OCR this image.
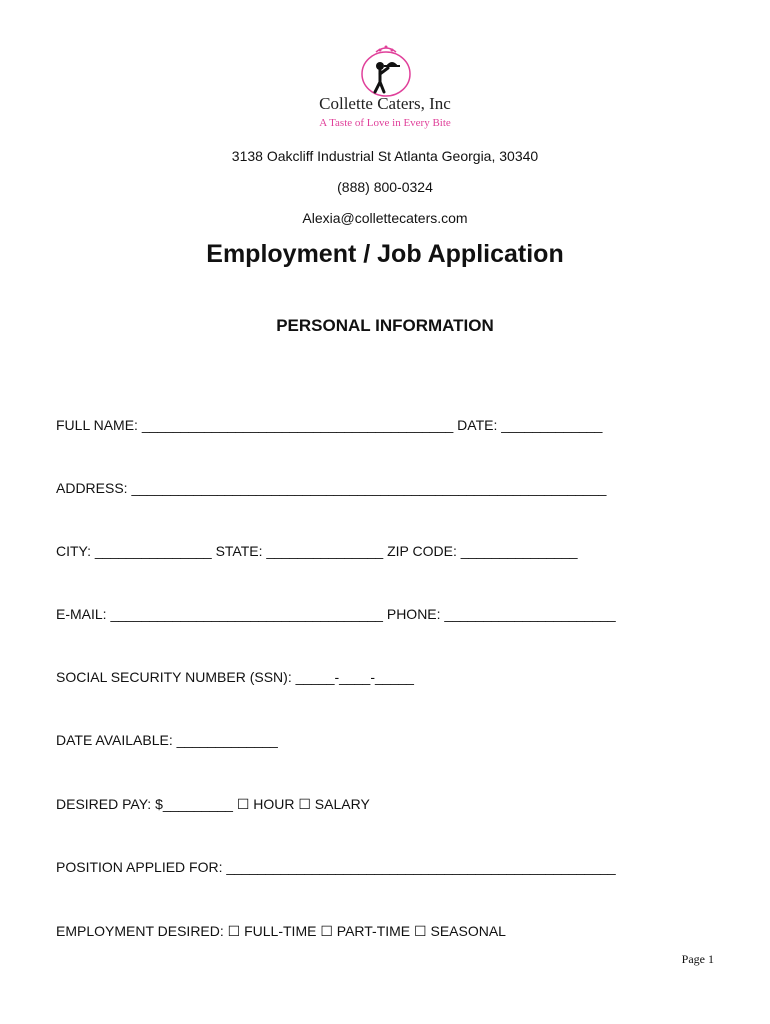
Collette Caters, Inc
A Taste of Love in Every Bite
3138 Oakcliff Industrial St Atlanta Georgia, 30340
(888) 800-0324
Alexia@collettecaters.com
Employment / Job Application
PERSONAL INFORMATION
FULL NAME: ________________________________________ DATE: _____________
ADDRESS: _____________________________________________________________
CITY: _______________ STATE: _______________ ZIP CODE: _______________
E-MAIL: ___________________________________ PHONE: ______________________
SOCIAL SECURITY NUMBER (SSN): _____-____-_____
DATE AVAILABLE: _____________
DESIRED PAY: $_________ ☐ HOUR ☐ SALARY
POSITION APPLIED FOR: __________________________________________________
EMPLOYMENT DESIRED: ☐ FULL-TIME ☐ PART-TIME ☐ SEASONAL
Page 1
